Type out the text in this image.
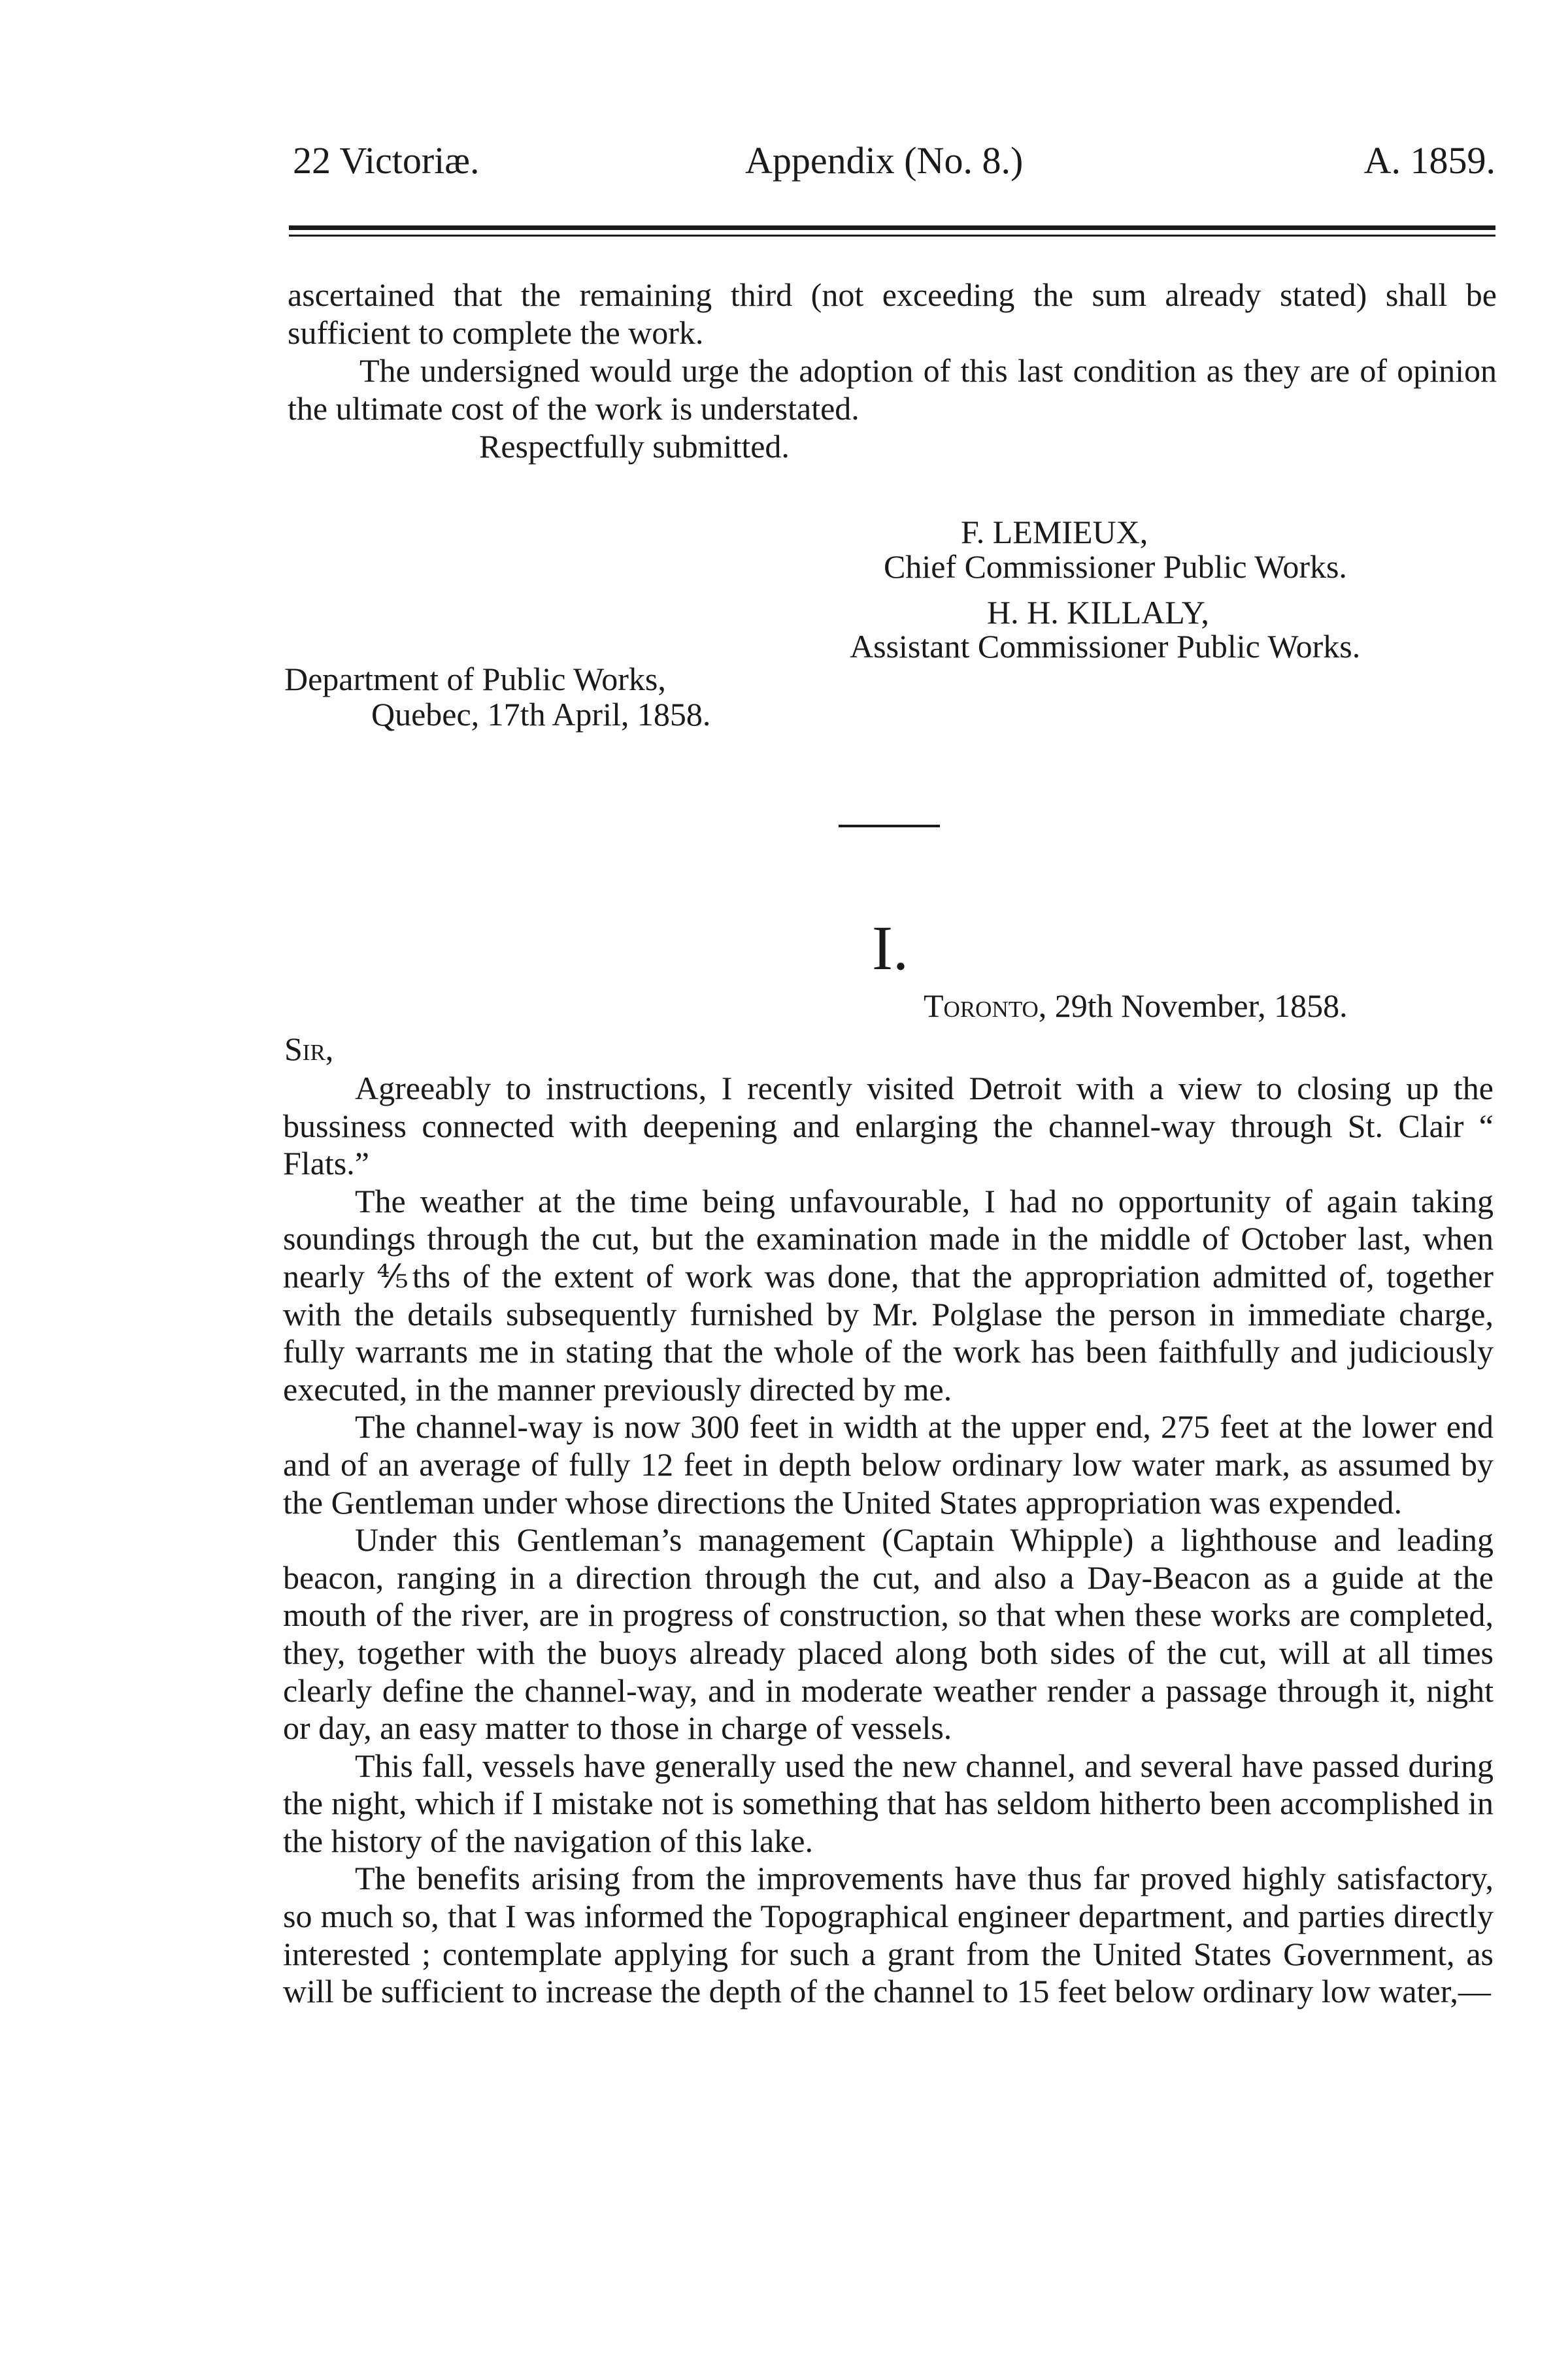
22 Victoriæ.	Appendix (No. 8.)	A. 1859.

ascertained that the remaining third (not exceeding the sum already stated) shall be sufficient to complete the work.

The undersigned would urge the adoption of this last condition as they are of opinion the ultimate cost of the work is understated.

Respectfully submitted.

F. LEMIEUX,
Chief Commissioner Public Works.
H. H. KILLALY,
Assistant Commissioner Public Works.
Department of Public Works,
Quebec, 17th April, 1858.
I.
Toronto, 29th November, 1858.
Sir,

Agreeably to instructions, I recently visited Detroit with a view to closing up the bussiness connected with deepening and enlarging the channel-way through St. Clair “ Flats.”

The weather at the time being unfavourable, I had no opportunity of again taking soundings through the cut, but the examination made in the middle of October last, when nearly ⅘ths of the extent of work was done, that the appropriation admitted of, together with the details subsequently furnished by Mr. Polglase the person in immediate charge, fully warrants me in stating that the whole of the work has been faithfully and judiciously executed, in the manner previously directed by me.

The channel-way is now 300 feet in width at the upper end, 275 feet at the lower end and of an average of fully 12 feet in depth below ordinary low water mark, as assumed by the Gentleman under whose directions the United States appropriation was expended.

Under this Gentleman’s management (Captain Whipple) a lighthouse and leading beacon, ranging in a direction through the cut, and also a Day-Beacon as a guide at the mouth of the river, are in progress of construction, so that when these works are completed, they, together with the buoys already placed along both sides of the cut, will at all times clearly define the channel-way, and in moderate weather render a passage through it, night or day, an easy matter to those in charge of vessels.

This fall, vessels have generally used the new channel, and several have passed during the night, which if I mistake not is something that has seldom hitherto been accomplished in the history of the navigation of this lake.

The benefits arising from the improvements have thus far proved highly satisfactory, so much so, that I was informed the Topographical engineer department, and parties directly interested ; contemplate applying for such a grant from the United States Government, as will be sufficient to increase the depth of the channel to 15 feet below ordinary low water,—
